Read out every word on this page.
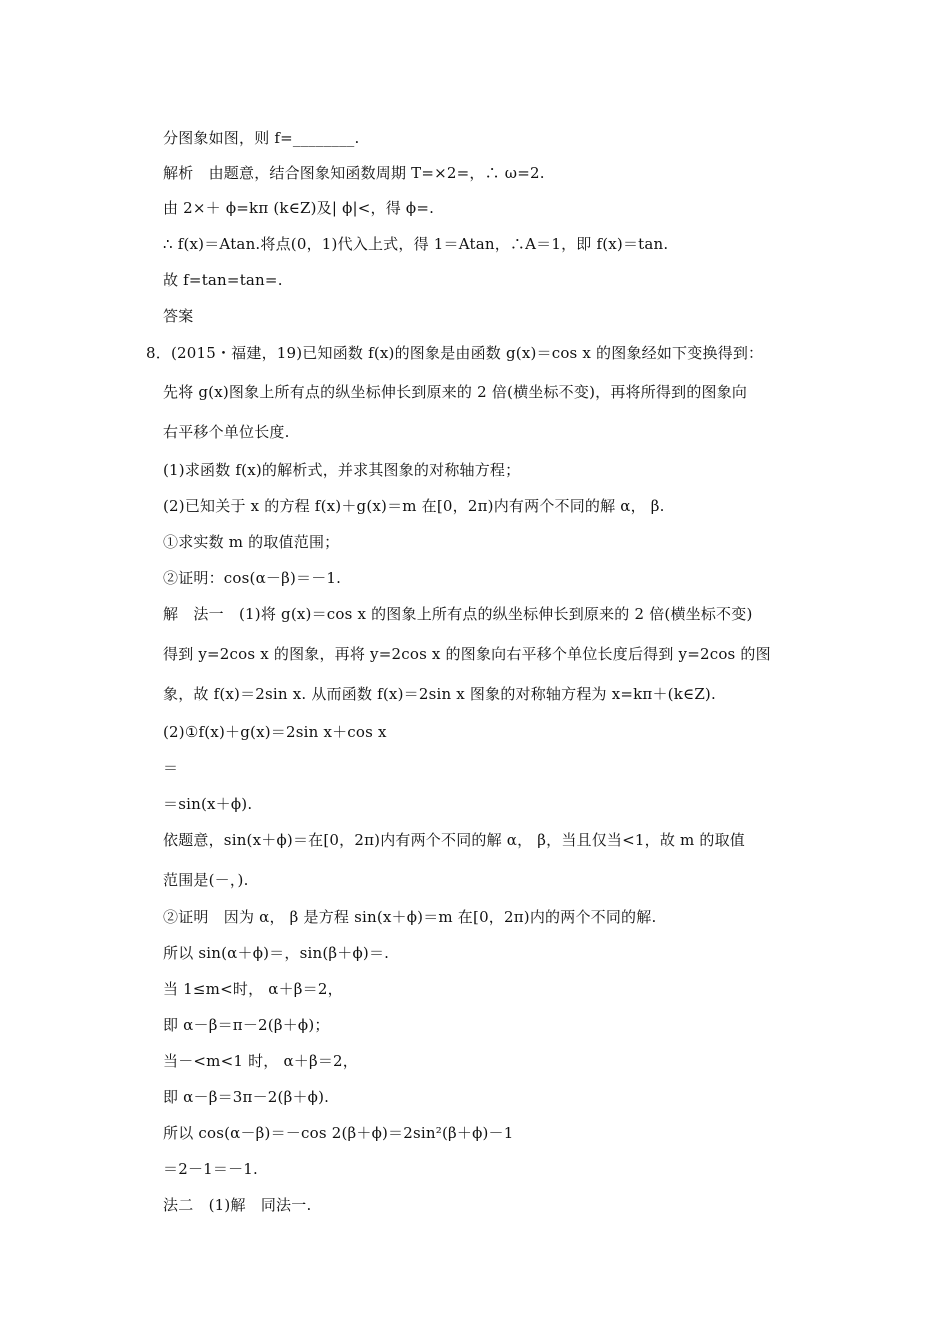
分图象如图，则 f=________.
解析　由题意，结合图象知函数周期 T=×2=，∴ ω=2.
由 2×＋ ϕ=kπ (k∈Z)及| ϕ|<，得 ϕ=.
∴ f(x)＝Atan.将点(0，1)代入上式，得 1＝Atan，∴A＝1，即 f(x)＝tan.
故 f=tan=tan=.
答案
8．(2015・福建，19)已知函数 f(x)的图象是由函数 g(x)＝cos x 的图象经如下变换得到：
先将 g(x)图象上所有点的纵坐标伸长到原来的 2 倍(横坐标不变)，再将所得到的图象向
右平移个单位长度.
(1)求函数 f(x)的解析式，并求其图象的对称轴方程；
(2)已知关于 x 的方程 f(x)＋g(x)＝m 在[0，2π)内有两个不同的解 α， β.
①求实数 m 的取值范围；
②证明：cos(α－β)＝－1.
解　法一　(1)将 g(x)＝cos x 的图象上所有点的纵坐标伸长到原来的 2 倍(横坐标不变)
得到 y=2cos x 的图象，再将 y=2cos x 的图象向右平移个单位长度后得到 y=2cos 的图
象，故 f(x)＝2sin x. 从而函数 f(x)＝2sin x 图象的对称轴方程为 x=kπ＋(k∈Z).
(2)①f(x)＋g(x)＝2sin x＋cos x
＝
＝sin(x＋ϕ).
依题意，sin(x＋ϕ)＝在[0，2π)内有两个不同的解 α， β，当且仅当<1，故 m 的取值
范围是(－，).
②证明　因为 α， β 是方程 sin(x＋ϕ)＝m 在[0，2π)内的两个不同的解.
所以 sin(α＋ϕ)＝，sin(β＋ϕ)＝.
当 1≤m<时， α＋β＝2，
即 α－β＝π－2(β＋ϕ)；
当－<m<1 时， α＋β＝2，
即 α－β＝3π－2(β＋ϕ).
所以 cos(α－β)＝－cos 2(β＋ϕ)＝2sin²(β＋ϕ)－1
＝2－1＝－1.
法二　(1)解　同法一.
